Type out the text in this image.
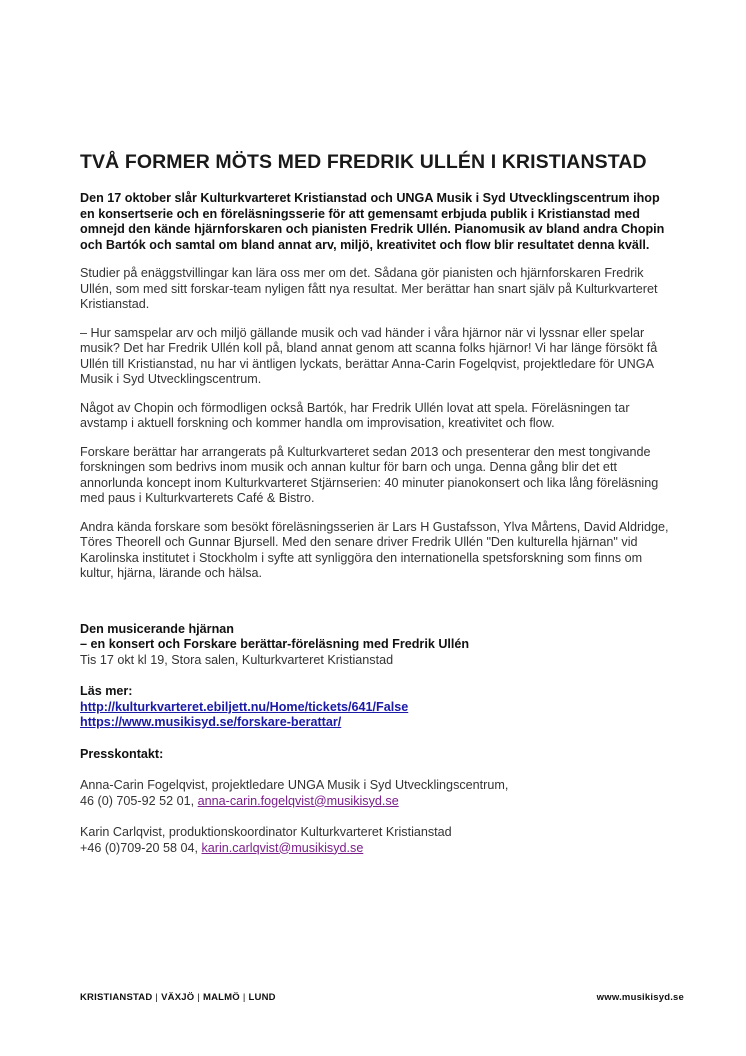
TVÅ FORMER MÖTS MED FREDRIK ULLÉN I KRISTIANSTAD

Den 17 oktober slår Kulturkvarteret Kristianstad och UNGA Musik i Syd Utvecklingscentrum ihop en konsertserie och en föreläsningsserie för att gemensamt erbjuda publik i Kristianstad med omnejd den kände hjärnforskaren och pianisten Fredrik Ullén. Pianomusik av bland andra Chopin och Bartók och samtal om bland annat arv, miljö, kreativitet och flow blir resultatet denna kväll.

Studier på enäggstvillingar kan lära oss mer om det. Sådana gör pianisten och hjärnforskaren Fredrik Ullén, som med sitt forskar-team nyligen fått nya resultat. Mer berättar han snart själv på Kulturkvarteret Kristianstad.

– Hur samspelar arv och miljö gällande musik och vad händer i våra hjärnor när vi lyssnar eller spelar musik? Det har Fredrik Ullén koll på, bland annat genom att scanna folks hjärnor! Vi har länge försökt få Ullén till Kristianstad, nu har vi äntligen lyckats, berättar Anna-Carin Fogelqvist, projektledare för UNGA Musik i Syd Utvecklingscentrum.

Något av Chopin och förmodligen också Bartók, har Fredrik Ullén lovat att spela. Föreläsningen tar avstamp i aktuell forskning och kommer handla om improvisation, kreativitet och flow.

Forskare berättar har arrangerats på Kulturkvarteret sedan 2013 och presenterar den mest tongivande forskningen som bedrivs inom musik och annan kultur för barn och unga. Denna gång blir det ett annorlunda koncept inom Kulturkvarteret Stjärnserien: 40 minuter pianokonsert och lika lång föreläsning med paus i Kulturkvarterets Café & Bistro.

Andra kända forskare som besökt föreläsningsserien är Lars H Gustafsson, Ylva Mårtens, David Aldridge, Töres Theorell och Gunnar Bjursell. Med den senare driver Fredrik Ullén "Den kulturella hjärnan" vid Karolinska institutet i Stockholm i syfte att synliggöra den internationella spetsforskning som finns om kultur, hjärna, lärande och hälsa.

Den musicerande hjärnan
– en konsert och Forskare berättar-föreläsning med Fredrik Ullén
Tis 17 okt kl 19, Stora salen, Kulturkvarteret Kristianstad
Läs mer:
http://kulturkvarteret.ebiljett.nu/Home/tickets/641/False
https://www.musikisyd.se/forskare-berattar/
Presskontakt:
Anna-Carin Fogelqvist, projektledare UNGA Musik i Syd Utvecklingscentrum,
46 (0) 705-92 52 01, anna-carin.fogelqvist@musikisyd.se
Karin Carlqvist, produktionskoordinator Kulturkvarteret Kristianstad
+46 (0)709-20 58 04, karin.carlqvist@musikisyd.se
KRISTIANSTAD | VÄXJÖ | MALMÖ | LUND	www.musikisyd.se
